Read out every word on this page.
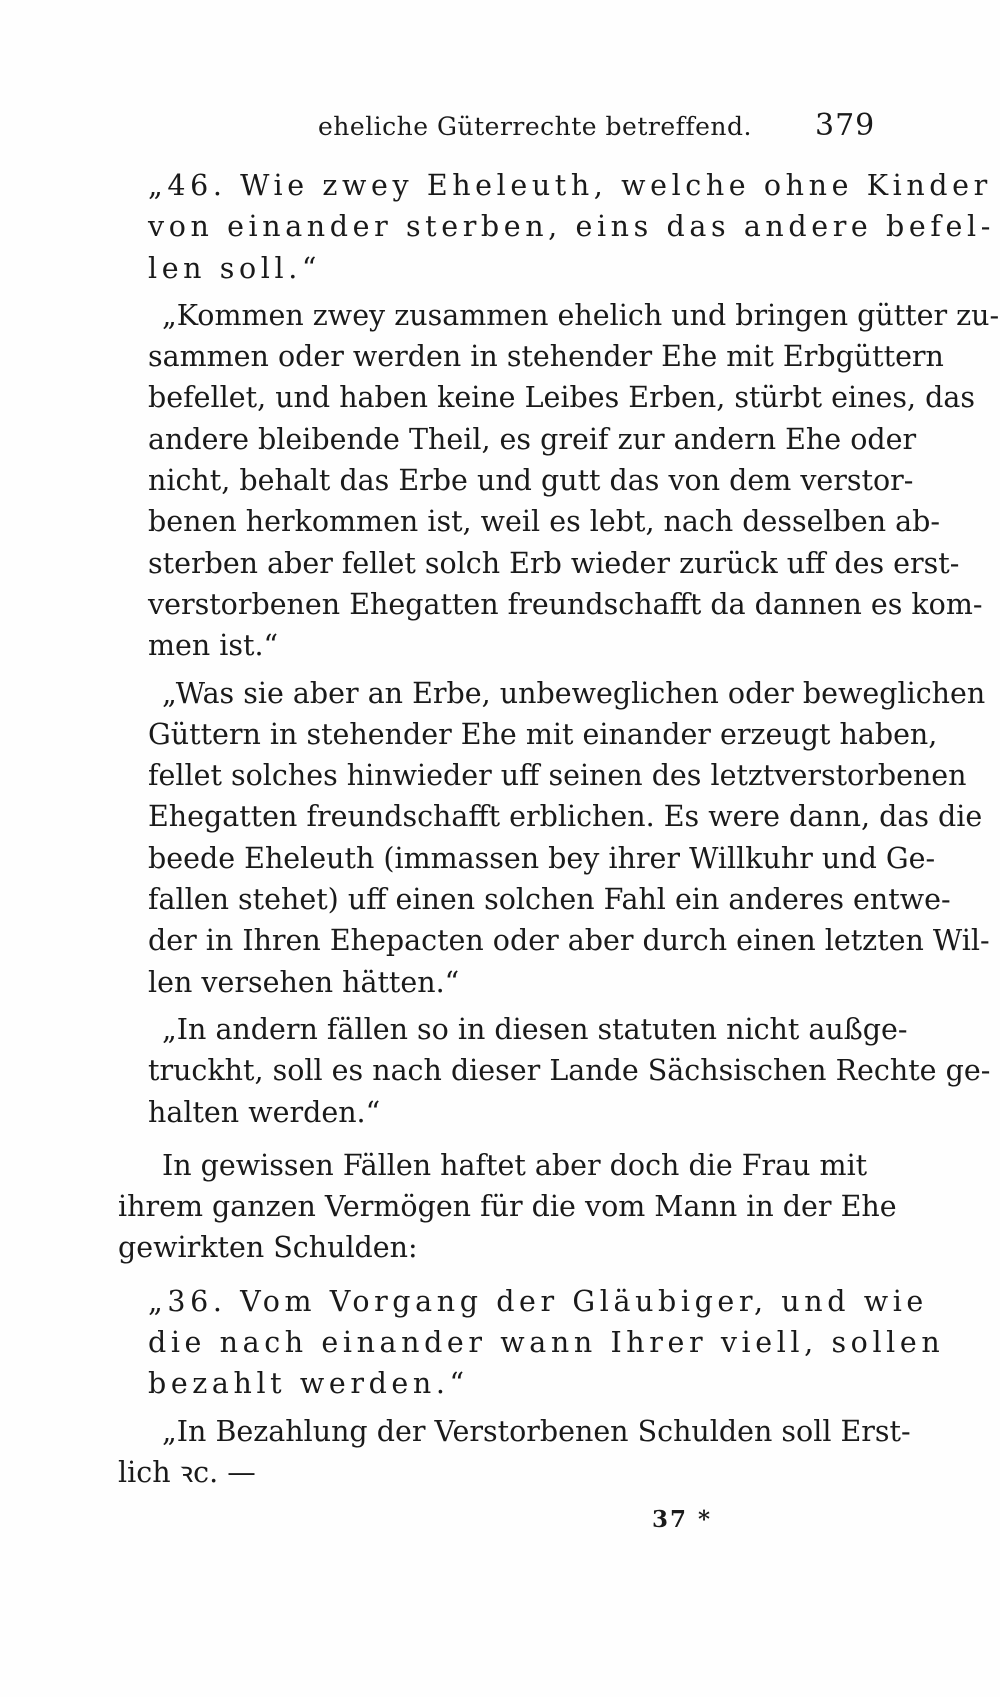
eheliche Güterrechte betreffend. 379
„46. Wie zwey Eheleuth, welche ohne Kinder
von einander sterben, eins das andere befel-
len soll.“
„Kommen zwey zusammen ehelich und bringen gütter zu-
sammen oder werden in stehender Ehe mit Erbgüttern
befellet, und haben keine Leibes Erben, stürbt eines, das
andere bleibende Theil, es greif zur andern Ehe oder
nicht, behalt das Erbe und gutt das von dem verstor-
benen herkommen ist, weil es lebt, nach desselben ab-
sterben aber fellet solch Erb wieder zurück uff des erst-
verstorbenen Ehegatten freundschafft da dannen es kom-
men ist.“
„Was sie aber an Erbe, unbeweglichen oder beweglichen
Güttern in stehender Ehe mit einander erzeugt haben,
fellet solches hinwieder uff seinen des letztverstorbenen
Ehegatten freundschafft erblichen. Es were dann, das die
beede Eheleuth (immassen bey ihrer Willkuhr und Ge-
fallen stehet) uff einen solchen Fahl ein anderes entwe-
der in Ihren Ehepacten oder aber durch einen letzten Wil-
len versehen hätten.“
„In andern fällen so in diesen statuten nicht außge-
truckht, soll es nach dieser Lande Sächsischen Rechte ge-
halten werden.“
In gewissen Fällen haftet aber doch die Frau mit
ihrem ganzen Vermögen für die vom Mann in der Ehe
gewirkten Schulden:
„36. Vom Vorgang der Gläubiger, und wie
die nach einander wann Ihrer viell, sollen
bezahlt werden.“
„In Bezahlung der Verstorbenen Schulden soll Erst-
lich ꝛc. —
37 *
